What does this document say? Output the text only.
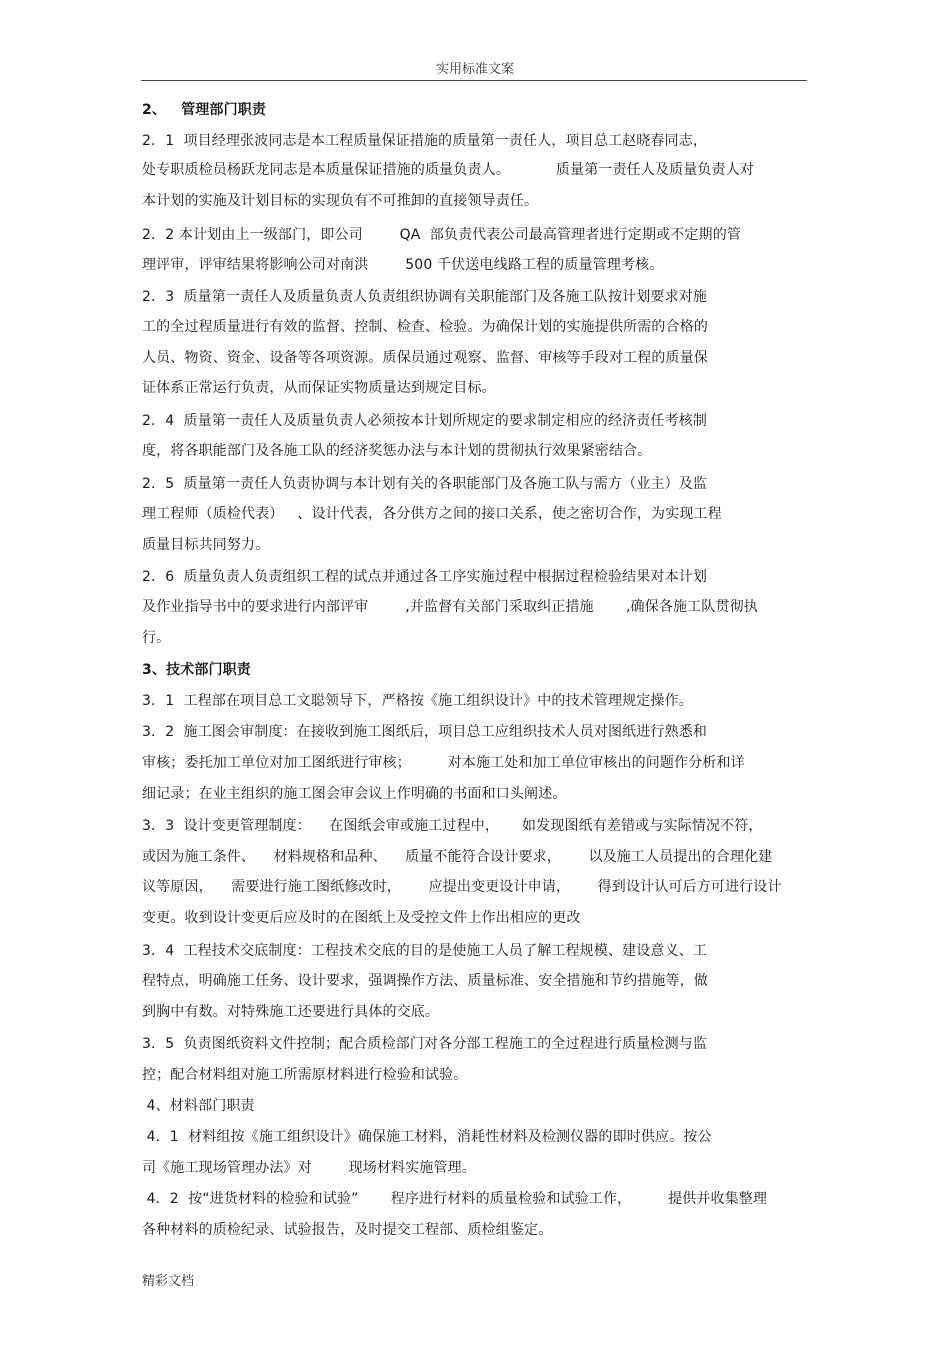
实用标准文案
2、   管理部门职责
2．1  项目经理张波同志是本工程质量保证措施的质量第一责任人，项目总工赵晓春同志，
处专职质检员杨跃龙同志是本质量保证措施的质量负责人。          质量第一责任人及质量负责人对
本计划的实施及计划目标的实现负有不可推卸的直接领导责任。
2．2 本计划由上一级部门，即公司        QA  部负责代表公司最高管理者进行定期或不定期的管
理评审，评审结果将影响公司对南洪        500 千伏送电线路工程的质量管理考核。
2．3  质量第一责任人及质量负责人负责组织协调有关职能部门及各施工队按计划要求对施
工的全过程质量进行有效的监督、控制、检查、检验。为确保计划的实施提供所需的合格的
人员、物资、资金、设备等各项资源。质保员通过观察、监督、审核等手段对工程的质量保
证体系正常运行负责，从而保证实物质量达到规定目标。
2．4  质量第一责任人及质量负责人必须按本计划所规定的要求制定相应的经济责任考核制
度，将各职能部门及各施工队的经济奖惩办法与本计划的贯彻执行效果紧密结合。
2．5  质量第一责任人负责协调与本计划有关的各职能部门及各施工队与需方（业主）及监
理工程师（质检代表）   、设计代表，各分供方之间的接口关系，使之密切合作，为实现工程
质量目标共同努力。
2．6  质量负责人负责组织工程的试点并通过各工序实施过程中根据过程检验结果对本计划
及作业指导书中的要求进行内部评审        ,并监督有关部门采取纠正措施       ,确保各施工队贯彻执
行。
3、技术部门职责
3．1  工程部在项目总工文聪领导下，严格按《施工组织设计》中的技术管理规定操作。
3．2  施工图会审制度：在接收到施工图纸后，项目总工应组织技术人员对图纸进行熟悉和
审核；委托加工单位对加工图纸进行审核；        对本施工处和加工单位审核出的问题作分析和详
细记录；在业主组织的施工图会审会议上作明确的书面和口头阐述。
3．3  设计变更管理制度：    在图纸会审或施工过程中，     如发现图纸有差错或与实际情况不符，
或因为施工条件、    材料规格和品种、    质量不能符合设计要求，      以及施工人员提出的合理化建
议等原因，    需要进行施工图纸修改时，      应提出变更设计申请，      得到设计认可后方可进行设计
变更。收到设计变更后应及时的在图纸上及受控文件上作出相应的更改
3．4  工程技术交底制度：工程技术交底的目的是使施工人员了解工程规模、建设意义、工
程特点，明确施工任务、设计要求，强调操作方法、质量标准、安全措施和节约措施等，做
到胸中有数。对特殊施工还要进行具体的交底。
3．5  负责图纸资料文件控制；配合质检部门对各分部工程施工的全过程进行质量检测与监
控；配合材料组对施工所需原材料进行检验和试验。
4、材料部门职责
4．1  材料组按《施工组织设计》确保施工材料，消耗性材料及检测仪器的即时供应。按公
司《施工现场管理办法》对        现场材料实施管理。
4．2  按“进货材料的检验和试验”       程序进行材料的质量检验和试验工作，        提供并收集整理
各种材料的质检纪录、试验报告，及时提交工程部、质检组鉴定。
精彩文档
